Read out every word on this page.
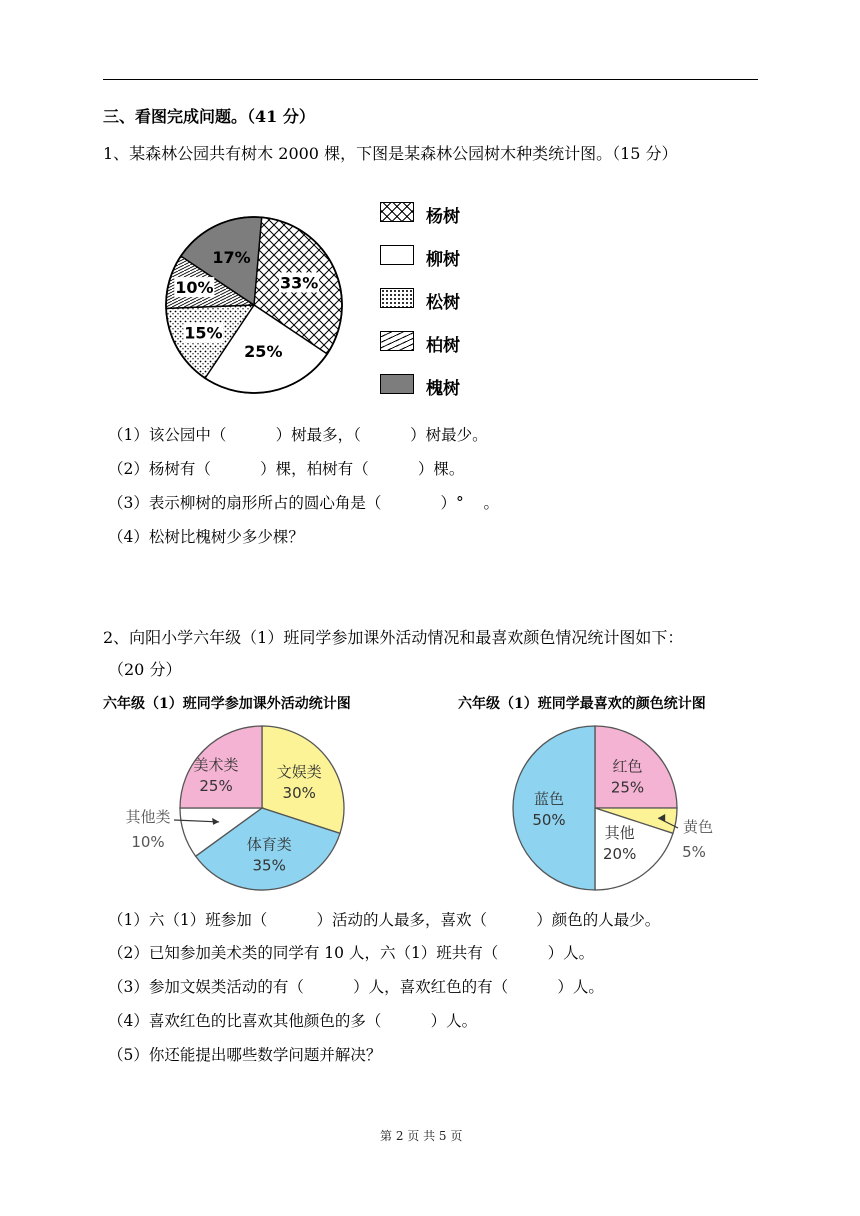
三、看图完成问题。（41 分）
1、某森林公园共有树木 2000 棵，下图是某森林公园树木种类统计图。（15 分）
33%
25%
15%
10%
17%
杨树
柳树
松树
柏树
槐树
（1）该公园中（          ）树最多，（          ）树最少。
（2）杨树有（          ）棵，柏树有（          ）棵。
（3）表示柳树的扇形所占的圆心角是（            ）°    。
（4）松树比槐树少多少棵？
2、向阳小学六年级（1）班同学参加课外活动情况和最喜欢颜色情况统计图如下：
（20 分）
六年级（1）班同学参加课外活动统计图	六年级（1）班同学最喜欢的颜色统计图
美术类
25%
文娱类
30%
体育类
35%
其他类
10%
红色
25%
其他
20%
蓝色
50%	黄色
5%
（1）六（1）班参加（          ）活动的人最多，喜欢（          ）颜色的人最少。
（2）已知参加美术类的同学有 10 人，六（1）班共有（          ）人。
（3）参加文娱类活动的有（          ）人，喜欢红色的有（          ）人。
（4）喜欢红色的比喜欢其他颜色的多（          ）人。
（5）你还能提出哪些数学问题并解决？
第 2 页 共 5 页
